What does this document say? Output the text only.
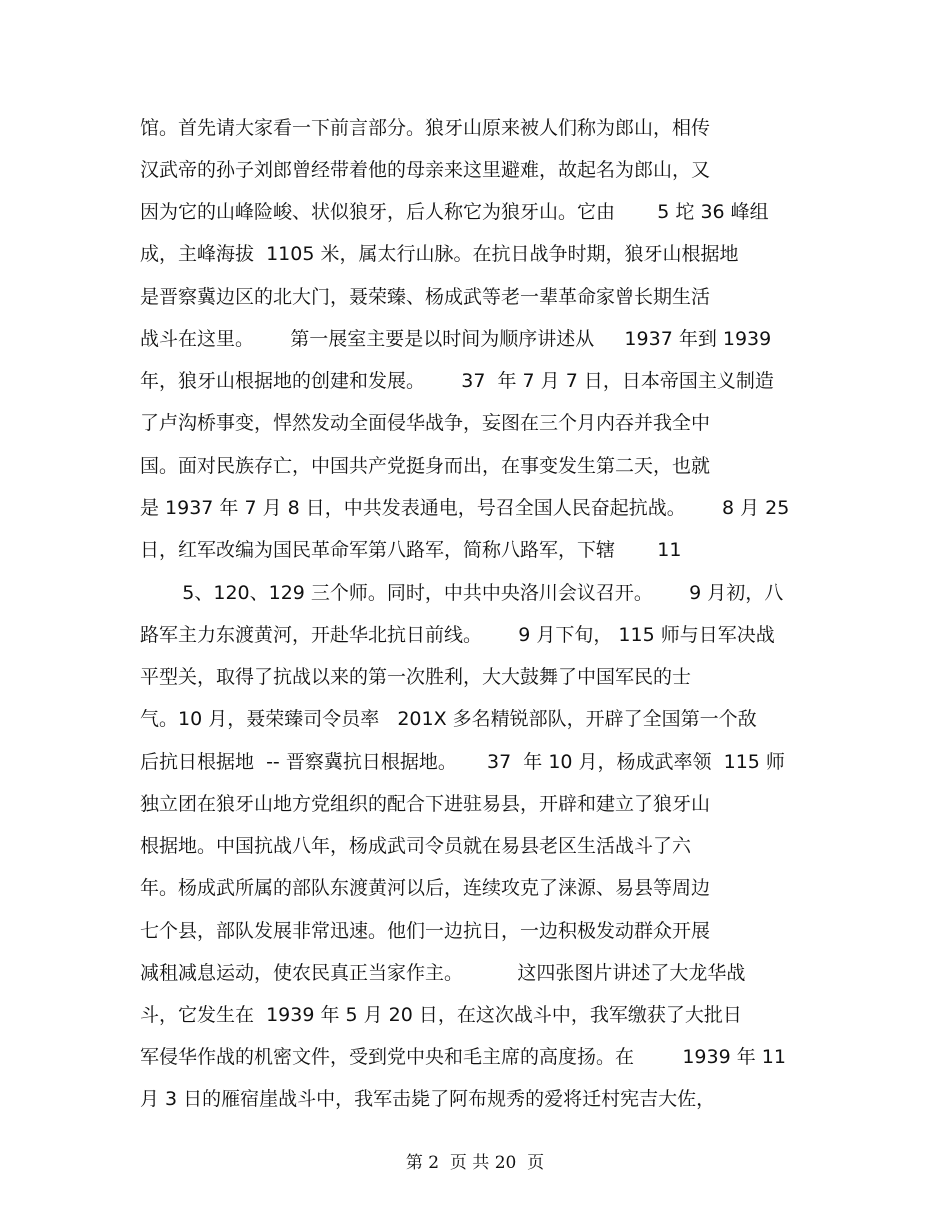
馆。首先请大家看一下前言部分。狼牙山原来被人们称为郎山，相传
汉武帝的孙子刘郎曾经带着他的母亲来这里避难，故起名为郎山，又
因为它的山峰险峻、状似狼牙，后人称它为狼牙山。它由       5 坨 36 峰组
成，主峰海拔  1105 米，属太行山脉。在抗日战争时期，狼牙山根据地
是晋察冀边区的北大门，聂荣臻、杨成武等老一辈革命家曾长期生活
战斗在这里。      第一展室主要是以时间为顺序讲述从     1937 年到 1939
年，狼牙山根据地的创建和发展。      37  年 7 月 7 日，日本帝国主义制造
了卢沟桥事变，悍然发动全面侵华战争，妄图在三个月内吞并我全中
国。面对民族存亡，中国共产党挺身而出，在事变发生第二天，也就
是 1937 年 7 月 8 日，中共发表通电，号召全国人民奋起抗战。      8 月 25
日，红军改编为国民革命军第八路军，简称八路军，下辖       11
5、120、129 三个师。同时，中共中央洛川会议召开。      9 月初，八
路军主力东渡黄河，开赴华北抗日前线。      9 月下旬， 115 师与日军决战
平型关，取得了抗战以来的第一次胜利，大大鼓舞了中国军民的士
气。10 月，聂荣臻司令员率   201X 多名精锐部队，开辟了全国第一个敌
后抗日根据地  -- 晋察冀抗日根据地。     37  年 10 月，杨成武率领  115 师
独立团在狼牙山地方党组织的配合下进驻易县，开辟和建立了狼牙山
根据地。中国抗战八年，杨成武司令员就在易县老区生活战斗了六
年。杨成武所属的部队东渡黄河以后，连续攻克了涞源、易县等周边
七个县，部队发展非常迅速。他们一边抗日，一边积极发动群众开展
减租减息运动，使农民真正当家作主。         这四张图片讲述了大龙华战
斗，它发生在  1939 年 5 月 20 日，在这次战斗中，我军缴获了大批日
军侵华作战的机密文件，受到党中央和毛主席的高度扬。在        1939 年 11
月 3 日的雁宿崖战斗中，我军击毙了阿布规秀的爱将迁村宪吉大佐，
第 2  页 共 20  页
